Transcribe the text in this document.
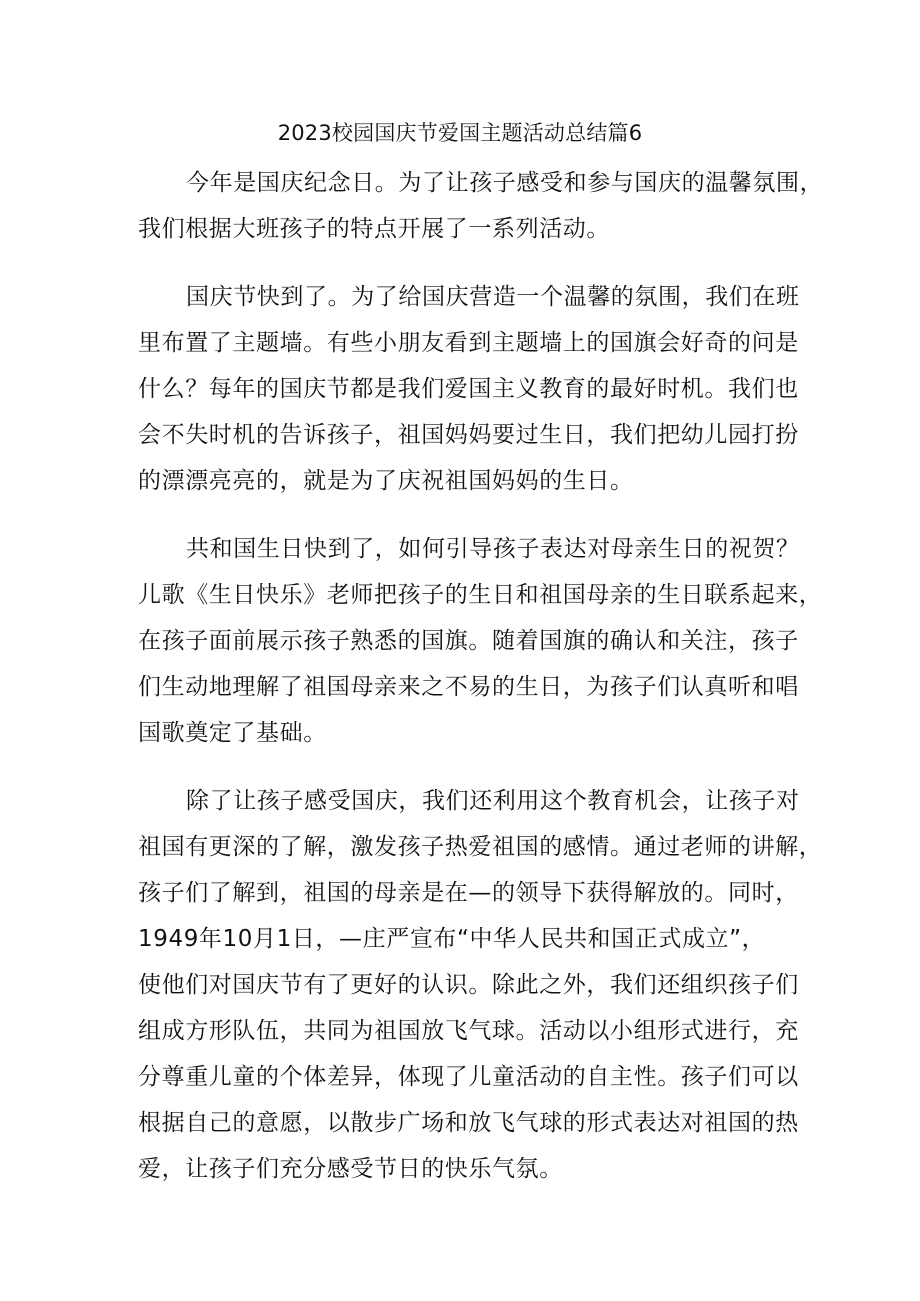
2023校园国庆节爱国主题活动总结篇6
今年是国庆纪念日。为了让孩子感受和参与国庆的温馨氛围，
我们根据大班孩子的特点开展了一系列活动。
国庆节快到了。为了给国庆营造一个温馨的氛围，我们在班
里布置了主题墙。有些小朋友看到主题墙上的国旗会好奇的问是
什么？每年的国庆节都是我们爱国主义教育的最好时机。我们也
会不失时机的告诉孩子，祖国妈妈要过生日，我们把幼儿园打扮
的漂漂亮亮的，就是为了庆祝祖国妈妈的生日。
共和国生日快到了，如何引导孩子表达对母亲生日的祝贺？
儿歌《生日快乐》老师把孩子的生日和祖国母亲的生日联系起来，
在孩子面前展示孩子熟悉的国旗。随着国旗的确认和关注，孩子
们生动地理解了祖国母亲来之不易的生日，为孩子们认真听和唱
国歌奠定了基础。
除了让孩子感受国庆，我们还利用这个教育机会，让孩子对
祖国有更深的了解，激发孩子热爱祖国的感情。通过老师的讲解，
孩子们了解到，祖国的母亲是在—的领导下获得解放的。同时，
1949年10月1日，—庄严宣布“中华人民共和国正式成立”，
使他们对国庆节有了更好的认识。除此之外，我们还组织孩子们
组成方形队伍，共同为祖国放飞气球。活动以小组形式进行，充
分尊重儿童的个体差异，体现了儿童活动的自主性。孩子们可以
根据自己的意愿，以散步广场和放飞气球的形式表达对祖国的热
爱，让孩子们充分感受节日的快乐气氛。
